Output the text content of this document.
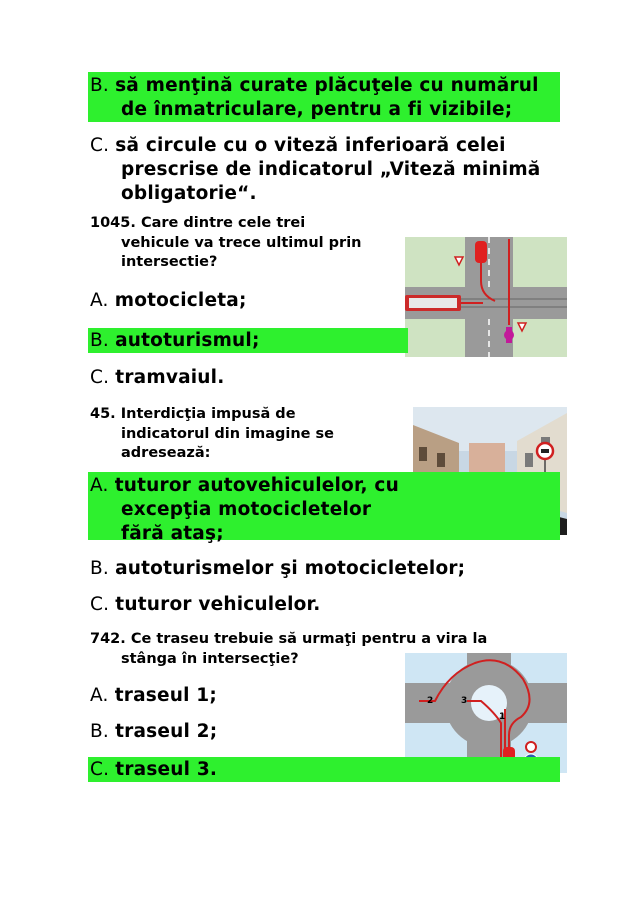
B. să menţină curate plăcuţele cu numărul
de înmatriculare, pentru a fi vizibile;
C. să circule cu o viteză inferioară celei
prescrise de indicatorul „Viteză minimă
obligatorie“.
1045. Care dintre cele trei
vehicule va trece ultimul prin
intersectie?
A. motocicleta;
B. autoturismul;
C. tramvaiul.
45. Interdicţia impusă de
indicatorul din imagine se
adresează:
A. tuturor autovehiculelor, cu
excepţia motocicletelor
fără ataş;
B. autoturismelor şi motocicletelor;
C. tuturor vehiculelor.
742. Ce traseu trebuie să urmaţi pentru a vira la
stânga în intersecţie?
2	3
1
A. traseul 1;
B. traseul 2;
C. traseul 3.
